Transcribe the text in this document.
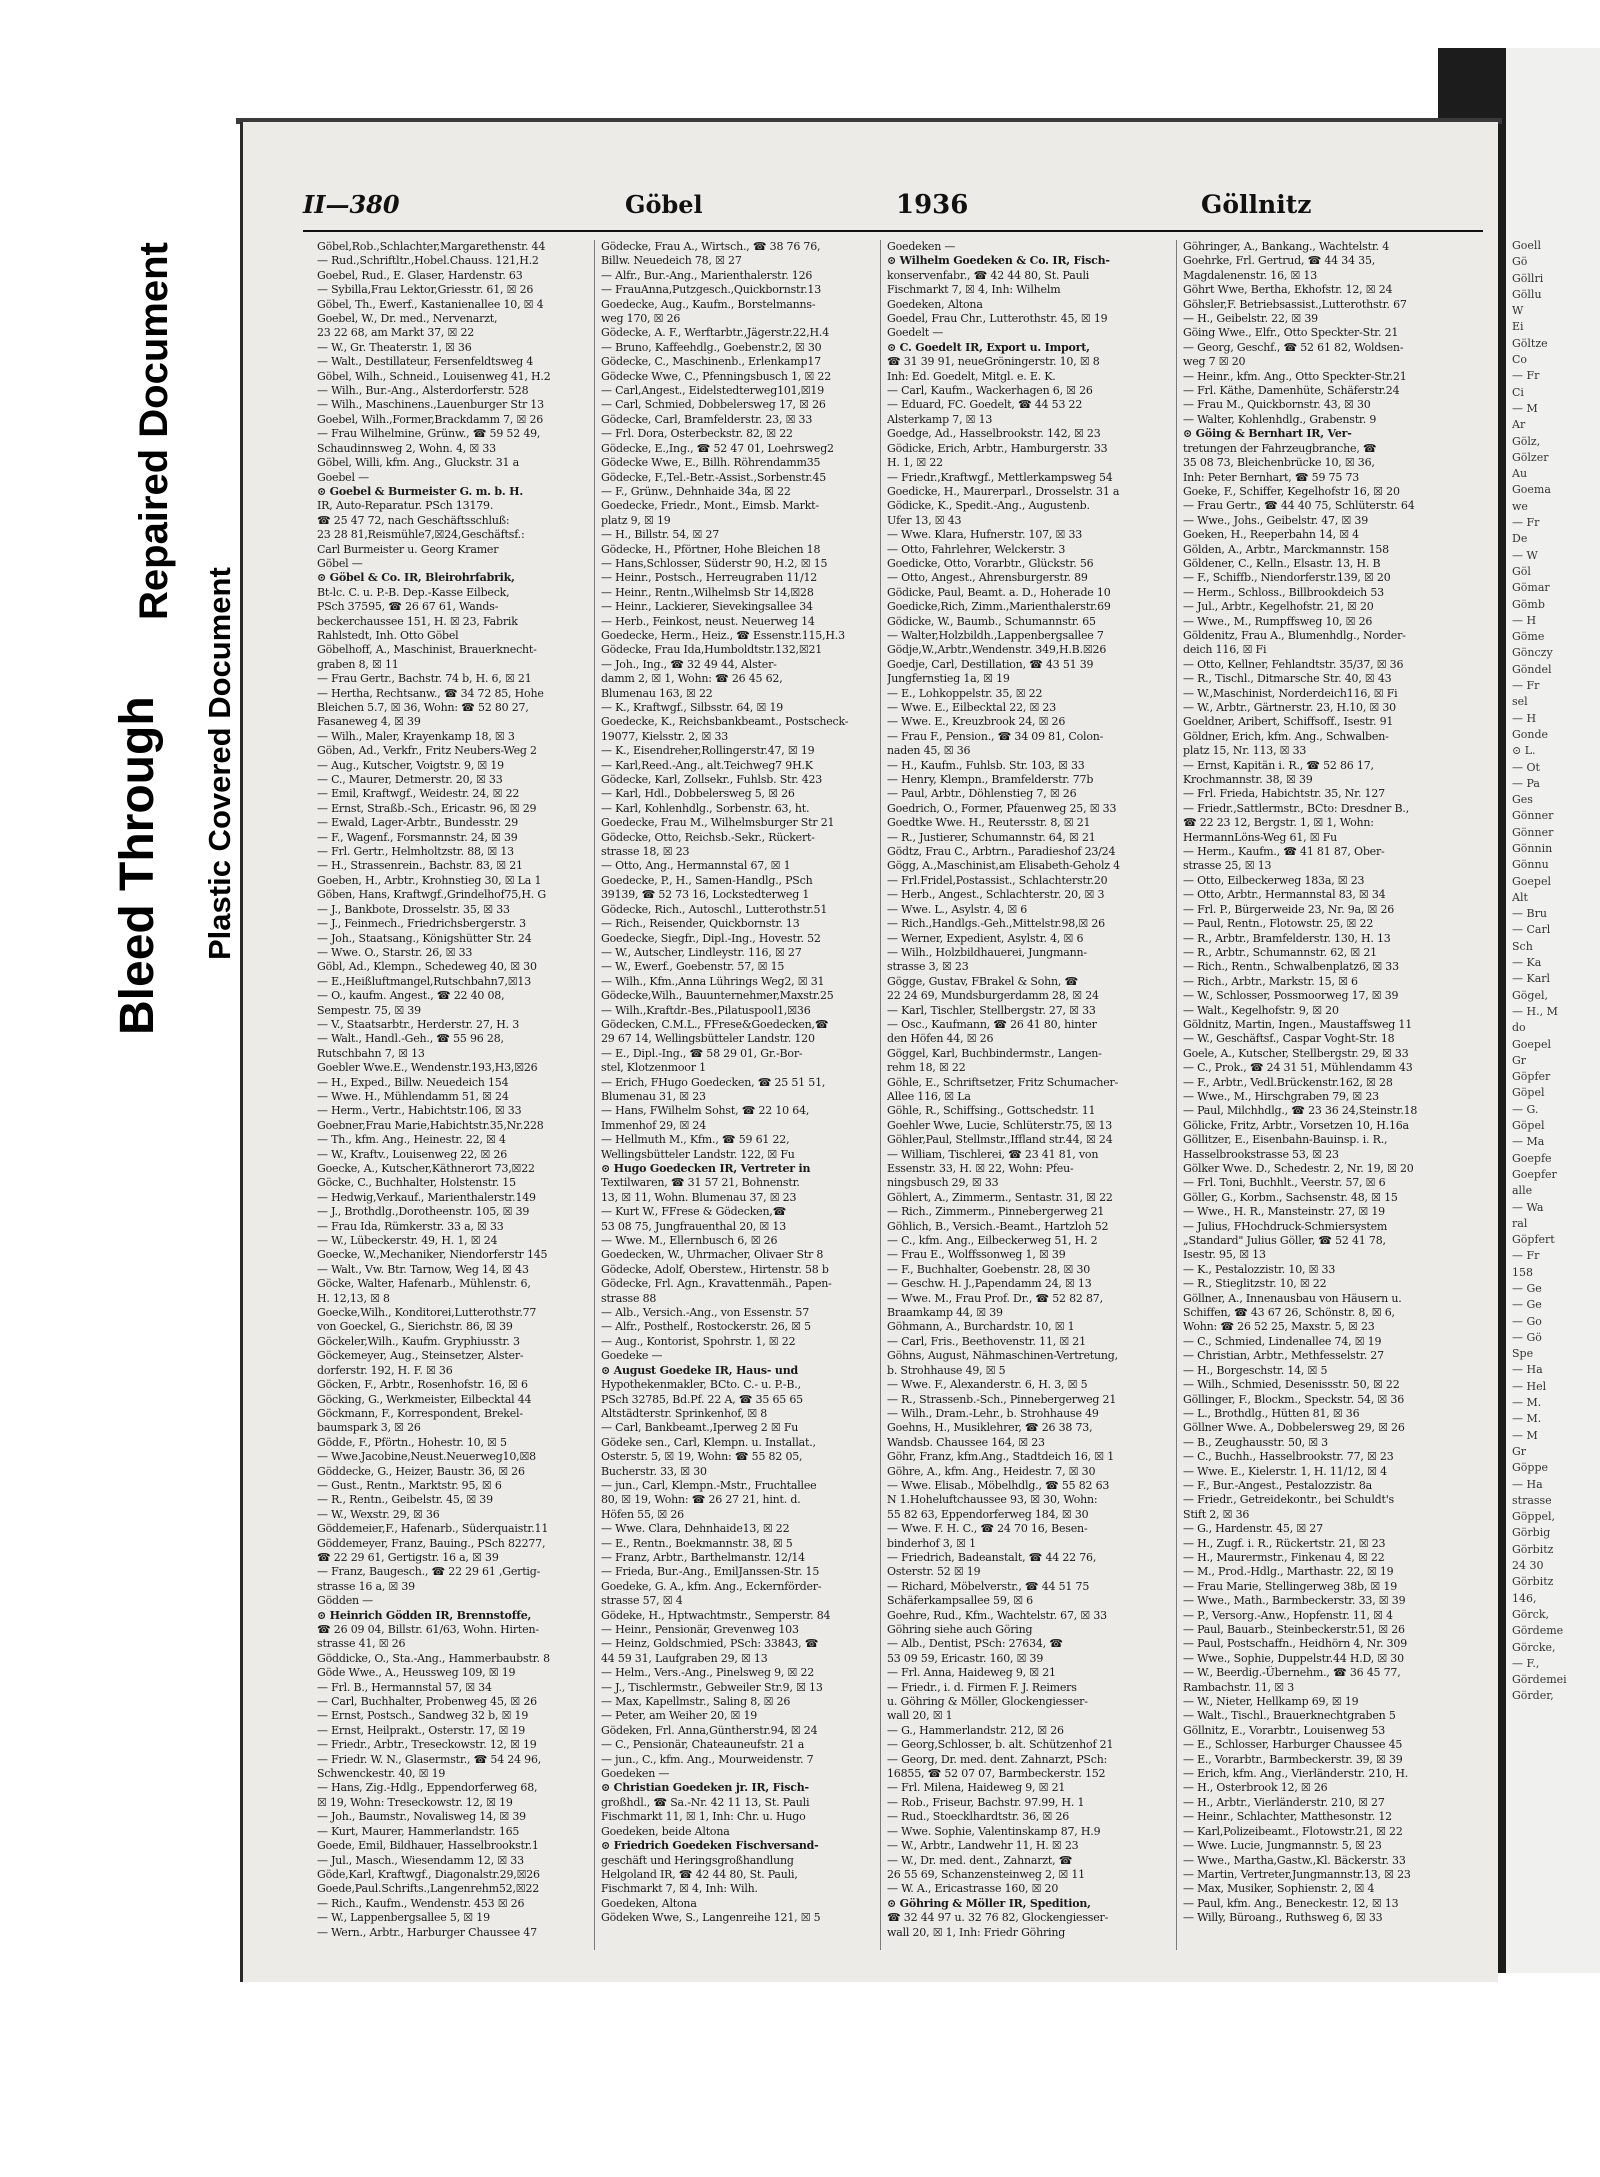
Goell
Gö
Göllri
Göllu
W
Ei
Göltze
Co
— Fr
Ci
— M
Ar
Gölz,
Gölzer
Au
Goema
we
— Fr
De
— W
Göl
Gömar
Gömb
— H
Göme
Gönczy
Göndel
— Fr
sel
— H
Gonde
⊙ L.
— Ot
— Pa
Ges
Gönner
Gönner
Gönnin
Gönnu
Goepel
Alt
— Bru
— Carl
Sch
— Ka
— Karl
Gögel,
— H., M
do
Goepel
Gr
Göpfer
Göpel
— G.
Göpel
— Ma
Goepfe
Goepfer
alle
— Wa
ral
Göpfert
— Fr
158
— Ge
— Ge
— Go
— Gö
Spe
— Ha
— Hel
— M.
— M.
— M
Gr
Göppe
— Ha
strasse
Göppel,
Görbig
Görbitz
24 30
Görbitz
146,
Görck,
Gördeme
Görcke,
— F.,
Gördemei
Görder,
Bleed Through
Repaired Document
Plastic Covered Document
II—380	Göbel	1936	Göllnitz
Göbel,Rob.,Schlachter,Margarethenstr. 44
— Rud.,Schriftltr.,Hobel.Chauss. 121,H.2
Goebel, Rud., E. Glaser, Hardenstr. 63
— Sybilla,Frau Lektor,Griesstr. 61, ☒ 26
Göbel, Th., Ewerf., Kastanienallee 10, ☒ 4
Goebel, W., Dr. med., Nervenarzt,
23 22 68, am Markt 37, ☒ 22
— W., Gr. Theaterstr. 1, ☒ 36
— Walt., Destillateur, Fersenfeldtsweg 4
Göbel, Wilh., Schneid., Louisenweg 41, H.2
— Wilh., Bur.-Ang., Alsterdorferstr. 528
— Wilh., Maschinens.,Lauenburger Str 13
Goebel, Wilh.,Former,Brackdamm 7, ☒ 26
— Frau Wilhelmine, Grünw., ☎ 59 52 49,
Schaudinnsweg 2, Wohn. 4, ☒ 33
Göbel, Willi, kfm. Ang., Gluckstr. 31 a
Goebel —
⊙ Goebel & Burmeister G. m. b. H.
IR, Auto-Reparatur. PSch 13179.
☎ 25 47 72, nach Geschäftsschluß:
23 28 81,Reismühle7,☒24,Geschäftsf.:
Carl Burmeister u. Georg Kramer
Göbel —
⊙ Göbel & Co. IR, Bleirohrfabrik,
Bt-lc. C. u. P.-B. Dep.-Kasse Eilbeck,
PSch 37595, ☎ 26 67 61, Wands-
beckerchaussee 151, H. ☒ 23, Fabrik
Rahlstedt, Inh. Otto Göbel
Göbelhoff, A., Maschinist, Brauerknecht-
graben 8, ☒ 11
— Frau Gertr., Bachstr. 74 b, H. 6, ☒ 21
— Hertha, Rechtsanw., ☎ 34 72 85, Hohe
Bleichen 5.7, ☒ 36, Wohn: ☎ 52 80 27,
Fasaneweg 4, ☒ 39
— Wilh., Maler, Krayenkamp 18, ☒ 3
Göben, Ad., Verkfr., Fritz Neubers-Weg 2
— Aug., Kutscher, Voigtstr. 9, ☒ 19
— C., Maurer, Detmerstr. 20, ☒ 33
— Emil, Kraftwgf., Weidestr. 24, ☒ 22
— Ernst, Straßb.-Sch., Ericastr. 96, ☒ 29
— Ewald, Lager-Arbtr., Bundesstr. 29
— F., Wagenf., Forsmannstr. 24, ☒ 39
— Frl. Gertr., Helmholtzstr. 88, ☒ 13
— H., Strassenrein., Bachstr. 83, ☒ 21
Goeben, H., Arbtr., Krohnstieg 30, ☒ La 1
Göben, Hans, Kraftwgf.,Grindelhof75,H. G
— J., Bankbote, Drosselstr. 35, ☒ 33
— J., Feinmech., Friedrichsbergerstr. 3
— Joh., Staatsang., Königshütter Str. 24
— Wwe. O., Starstr. 26, ☒ 33
Göbl, Ad., Klempn., Schedeweg 40, ☒ 30
— E.,Heißluftmangel,Rutschbahn7,☒13
— O., kaufm. Angest., ☎ 22 40 08,
Sempestr. 75, ☒ 39
— V., Staatsarbtr., Herderstr. 27, H. 3
— Walt., Handl.-Geh., ☎ 55 96 28,
Rutschbahn 7, ☒ 13
Goebler Wwe.E., Wendenstr.193,H3,☒26
— H., Exped., Billw. Neuedeich 154
— Wwe. H., Mühlendamm 51, ☒ 24
— Herm., Vertr., Habichtstr.106, ☒ 33
Goebner,Frau Marie,Habichtstr.35,Nr.228
— Th., kfm. Ang., Heinestr. 22, ☒ 4
— W., Kraftv., Louisenweg 22, ☒ 26
Goecke, A., Kutscher,Käthnerort 73,☒22
Göcke, C., Buchhalter, Holstenstr. 15
— Hedwig,Verkauf., Marienthalerstr.149
— J., Brothdlg.,Dorotheenstr. 105, ☒ 39
— Frau Ida, Rümkerstr. 33 a, ☒ 33
— W., Lübeckerstr. 49, H. 1, ☒ 24
Goecke, W.,Mechaniker, Niendorferstr 145
— Walt., Vw. Btr. Tarnow, Weg 14, ☒ 43
Göcke, Walter, Hafenarb., Mühlenstr. 6,
H. 12,13, ☒ 8
Goecke,Wilh., Konditorei,Lutterothstr.77
von Goeckel, G., Sierichstr. 86, ☒ 39
Göckeler,Wilh., Kaufm. Gryphiusstr. 3
Göckemeyer, Aug., Steinsetzer, Alster-
dorferstr. 192, H. F. ☒ 36
Göcken, F., Arbtr., Rosenhofstr. 16, ☒ 6
Göcking, G., Werkmeister, Eilbecktal 44
Göckmann, F., Korrespondent, Brekel-
baumspark 3, ☒ 26
Gödde, F., Pförtn., Hohestr. 10, ☒ 5
— Wwe.Jacobine,Neust.Neuerweg10,☒8
Göddecke, G., Heizer, Baustr. 36, ☒ 26
— Gust., Rentn., Marktstr. 95, ☒ 6
— R., Rentn., Geibelstr. 45, ☒ 39
— W., Wexstr. 29, ☒ 36
Göddemeier,F., Hafenarb., Süderquaistr.11
Göddemeyer, Franz, Bauing., PSch 82277,
☎ 22 29 61, Gertigstr. 16 a, ☒ 39
— Franz, Baugesch., ☎ 22 29 61 ,Gertig-
strasse 16 a, ☒ 39
Gödden —
⊙ Heinrich Gödden IR, Brennstoffe,
☎ 26 09 04, Billstr. 61/63, Wohn. Hirten-
strasse 41, ☒ 26
Göddicke, O., Sta.-Ang., Hammerbaubstr. 8
Göde Wwe., A., Heussweg 109, ☒ 19
— Frl. B., Hermannstal 57, ☒ 34
— Carl, Buchhalter, Probenweg 45, ☒ 26
— Ernst, Postsch., Sandweg 32 b, ☒ 19
— Ernst, Heilprakt., Osterstr. 17, ☒ 19
— Friedr., Arbtr., Treseckowstr. 12, ☒ 19
— Friedr. W. N., Glasermstr., ☎ 54 24 96,
Schwenckestr. 40, ☒ 19
— Hans, Zig.-Hdlg., Eppendorferweg 68,
☒ 19, Wohn: Treseckowstr. 12, ☒ 19
— Joh., Baumstr., Novalisweg 14, ☒ 39
— Kurt, Maurer, Hammerlandstr. 165
Goede, Emil, Bildhauer, Hasselbrookstr.1
— Jul., Masch., Wiesendamm 12, ☒ 33
Göde,Karl, Kraftwgf., Diagonalstr.29,☒26
Goede,Paul.Schrifts.,Langenrehm52,☒22
— Rich., Kaufm., Wendenstr. 453 ☒ 26
— W., Lappenbergsallee 5, ☒ 19
— Wern., Arbtr., Harburger Chaussee 47
Gödecke, Frau A., Wirtsch., ☎ 38 76 76,
Billw. Neuedeich 78, ☒ 27
— Alfr., Bur.-Ang., Marienthalerstr. 126
— FrauAnna,Putzgesch.,Quickbornstr.13
Goedecke, Aug., Kaufm., Borstelmanns-
weg 170, ☒ 26
Gödecke, A. F., Werftarbtr.,Jägerstr.22,H.4
— Bruno, Kaffeehdlg., Goebenstr.2, ☒ 30
Gödecke, C., Maschinenb., Erlenkamp17
Gödecke Wwe, C., Pfenningsbusch 1, ☒ 22
— Carl,Angest., Eidelstedterweg101,☒19
— Carl, Schmied, Dobbelersweg 17, ☒ 26
Gödecke, Carl, Bramfelderstr. 23, ☒ 33
— Frl. Dora, Osterbeckstr. 82, ☒ 22
Gödecke, E.,Ing., ☎ 52 47 01, Loehrsweg2
Gödecke Wwe, E., Billh. Röhrendamm35
Gödecke, F.,Tel.-Betr.-Assist.,Sorbenstr.45
— F., Grünw., Dehnhaide 34a, ☒ 22
Goedecke, Friedr., Mont., Eimsb. Markt-
platz 9, ☒ 19
— H., Billstr. 54, ☒ 27
Gödecke, H., Pförtner, Hohe Bleichen 18
— Hans,Schlosser, Süderstr 90, H.2, ☒ 15
— Heinr., Postsch., Herreugraben 11/12
— Heinr., Rentn.,Wilhelmsb Str 14,☒28
— Heinr., Lackierer, Sievekingsallee 34
— Herb., Feinkost, neust. Neuerweg 14
Goedecke, Herm., Heiz., ☎ Essenstr.115,H.3
Gödecke, Frau Ida,Humboldtstr.132,☒21
— Joh., Ing., ☎ 32 49 44, Alster-
damm 2, ☒ 1, Wohn: ☎ 26 45 62,
Blumenau 163, ☒ 22
— K., Kraftwgf., Silbsstr. 64, ☒ 19
Goedecke, K., Reichsbankbeamt., Postscheck-
19077, Kielsstr. 2, ☒ 33
— K., Eisendreher,Rollingerstr.47, ☒ 19
— Karl,Reed.-Ang., alt.Teichweg7 9H.K
Gödecke, Karl, Zollsekr., Fuhlsb. Str. 423
— Karl, Hdl., Dobbelersweg 5, ☒ 26
— Karl, Kohlenhdlg., Sorbenstr. 63, ht.
Goedecke, Frau M., Wilhelmsburger Str 21
Gödecke, Otto, Reichsb.-Sekr., Rückert-
strasse 18, ☒ 23
— Otto, Ang., Hermannstal 67, ☒ 1
Goedecke, P., H., Samen-Handlg., PSch
39139, ☎ 52 73 16, Lockstedterweg 1
Gödecke, Rich., Autoschl., Lutterothstr.51
— Rich., Reisender, Quickbornstr. 13
Goedecke, Siegfr., Dipl.-Ing., Hovestr. 52
— W., Autscher, Lindleystr. 116, ☒ 27
— W., Ewerf., Goebenstr. 57, ☒ 15
— Wilh., Kfm.,Anna Lührings Weg2, ☒ 31
Gödecke,Wilh., Bauunternehmer,Maxstr.25
— Wilh.,Kraftdr.-Bes.,Pilatuspool1,☒36
Gödecken, C.M.L., FFrese&Goedecken,☎
29 67 14, Wellingsbütteler Landstr. 120
— E., Dipl.-Ing., ☎ 58 29 01, Gr.-Bor-
stel, Klotzenmoor 1
— Erich, FHugo Goedecken, ☎ 25 51 51,
Blumenau 31, ☒ 23
— Hans, FWilhelm Sohst, ☎ 22 10 64,
Immenhof 29, ☒ 24
— Hellmuth M., Kfm., ☎ 59 61 22,
Wellingsbütteler Landstr. 122, ☒ Fu
⊙ Hugo Goedecken IR, Vertreter in
Textilwaren, ☎ 31 57 21, Bohnenstr.
13, ☒ 11, Wohn. Blumenau 37, ☒ 23
— Kurt W., FFrese & Gödecken,☎
53 08 75, Jungfrauenthal 20, ☒ 13
— Wwe. M., Ellernbusch 6, ☒ 26
Goedecken, W., Uhrmacher, Olivaer Str 8
Gödecke, Adolf, Oberstew., Hirtenstr. 58 b
Gödecke, Frl. Agn., Kravattenmäh., Papen-
strasse 88
— Alb., Versich.-Ang., von Essenstr. 57
— Alfr., Posthelf., Rostockerstr. 26, ☒ 5
— Aug., Kontorist, Spohrstr. 1, ☒ 22
Goedeke —
⊙ August Goedeke IR, Haus- und
Hypothekenmakler, BCto. C.- u. P.-B.,
PSch 32785, Bd.Pf. 22 A, ☎ 35 65 65
Altstädterstr. Sprinkenhof, ☒ 8
— Carl, Bankbeamt.,Iperweg 2 ☒ Fu
Gödeke sen., Carl, Klempn. u. Installat.,
Osterstr. 5, ☒ 19, Wohn: ☎ 55 82 05,
Bucherstr. 33, ☒ 30
— jun., Carl, Klempn.-Mstr., Fruchtallee
80, ☒ 19, Wohn: ☎ 26 27 21, hint. d.
Höfen 55, ☒ 26
— Wwe. Clara, Dehnhaide13, ☒ 22
— E., Rentn., Boekmannstr. 38, ☒ 5
— Franz, Arbtr., Barthelmanstr. 12/14
— Frieda, Bur.-Ang., EmilJanssen-Str. 15
Goedeke, G. A., kfm. Ang., Eckernförder-
strasse 57, ☒ 4
Gödeke, H., Hptwachtmstr., Semperstr. 84
— Heinr., Pensionär, Grevenweg 103
— Heinz, Goldschmied, PSch: 33843, ☎
44 59 31, Laufgraben 29, ☒ 13
— Helm., Vers.-Ang., Pinelsweg 9, ☒ 22
— J., Tischlermstr., Gebweiler Str.9, ☒ 13
— Max, Kapellmstr., Saling 8, ☒ 26
— Peter, am Weiher 20, ☒ 19
Gödeken, Frl. Anna,Güntherstr.94, ☒ 24
— C., Pensionär, Chateauneufstr. 21 a
— jun., C., kfm. Ang., Mourweidenstr. 7
Goedeken —
⊙ Christian Goedeken jr. IR, Fisch-
großhdl., ☎ Sa.-Nr. 42 11 13, St. Pauli
Fischmarkt 11, ☒ 1, Inh: Chr. u. Hugo
Goedeken, beide Altona
⊙ Friedrich Goedeken Fischversand-
geschäft und Heringsgroßhandlung
Helgoland IR, ☎ 42 44 80, St. Pauli,
Fischmarkt 7, ☒ 4, Inh: Wilh.
Goedeken, Altona
Gödeken Wwe, S., Langenreihe 121, ☒ 5
Goedeken —
⊙ Wilhelm Goedeken & Co. IR, Fisch-
konservenfabr., ☎ 42 44 80, St. Pauli
Fischmarkt 7, ☒ 4, Inh: Wilhelm
Goedeken, Altona
Goedel, Frau Chr., Lutterothstr. 45, ☒ 19
Goedelt —
⊙ C. Goedelt IR, Export u. Import,
☎ 31 39 91, neueGröningerstr. 10, ☒ 8
Inh: Ed. Goedelt, Mitgl. e. E. K.
— Carl, Kaufm., Wackerhagen 6, ☒ 26
— Eduard, FC. Goedelt, ☎ 44 53 22
Alsterkamp 7, ☒ 13
Goedge, Ad., Hasselbrookstr. 142, ☒ 23
Gödicke, Erich, Arbtr., Hamburgerstr. 33
H. 1, ☒ 22
— Friedr.,Kraftwgf., Mettlerkampsweg 54
Goedicke, H., Maurerparl., Drosselstr. 31 a
Gödicke, K., Spedit.-Ang., Augustenb.
Ufer 13, ☒ 43
— Wwe. Klara, Hufnerstr. 107, ☒ 33
— Otto, Fahrlehrer, Welckerstr. 3
Goedicke, Otto, Vorarbtr., Glückstr. 56
— Otto, Angest., Ahrensburgerstr. 89
Gödicke, Paul, Beamt. a. D., Hoherade 10
Goedicke,Rich, Zimm.,Marienthalerstr.69
Gödicke, W., Baumb., Schumannstr. 65
— Walter,Holzbildh.,Lappenbergsallee 7
Gödje,W.,Arbtr.,Wendenstr. 349,H.B.☒26
Goedje, Carl, Destillation, ☎ 43 51 39
Jungfernstieg 1a, ☒ 19
— E., Lohkoppelstr. 35, ☒ 22
— Wwe. E., Eilbecktal 22, ☒ 23
— Wwe. E., Kreuzbrook 24, ☒ 26
— Frau F., Pension., ☎ 34 09 81, Colon-
naden 45, ☒ 36
— H., Kaufm., Fuhlsb. Str. 103, ☒ 33
— Henry, Klempn., Bramfelderstr. 77b
— Paul, Arbtr., Döhlenstieg 7, ☒ 26
Goedrich, O., Former, Pfauenweg 25, ☒ 33
Goedtke Wwe. H., Reutersstr. 8, ☒ 21
— R., Justierer, Schumannstr. 64, ☒ 21
Gödtz, Frau C., Arbtrn., Paradieshof 23/24
Gögg, A.,Maschinist,am Elisabeth-Geholz 4
— Frl.Fridel,Postassist., Schlachterstr.20
— Herb., Angest., Schlachterstr. 20, ☒ 3
— Wwe. L., Asylstr. 4, ☒ 6
— Rich.,Handlgs.-Geh.,Mittelstr.98,☒ 26
— Werner, Expedient, Asylstr. 4, ☒ 6
— Wilh., Holzbildhauerei, Jungmann-
strasse 3, ☒ 23
Gögge, Gustav, FBrakel & Sohn, ☎
22 24 69, Mundsburgerdamm 28, ☒ 24
— Karl, Tischler, Stellbergstr. 27, ☒ 33
— Osc., Kaufmann, ☎ 26 41 80, hinter
den Höfen 44, ☒ 26
Göggel, Karl, Buchbindermstr., Langen-
rehm 18, ☒ 22
Göhle, E., Schriftsetzer, Fritz Schumacher-
Allee 116, ☒ La
Göhle, R., Schiffsing., Gottschedstr. 11
Goehler Wwe, Lucie, Schlüterstr.75, ☒ 13
Göhler,Paul, Stellmstr.,Iffland str.44, ☒ 24
— William, Tischlerei, ☎ 23 41 81, von
Essenstr. 33, H. ☒ 22, Wohn: Pfeu-
ningsbusch 29, ☒ 33
Göhlert, A., Zimmerm., Sentastr. 31, ☒ 22
— Rich., Zimmerm., Pinnebergerweg 21
Göhlich, B., Versich.-Beamt., Hartzloh 52
— C., kfm. Ang., Eilbeckerweg 51, H. 2
— Frau E., Wolffssonweg 1, ☒ 39
— F., Buchhalter, Goebenstr. 28, ☒ 30
— Geschw. H. J.,Papendamm 24, ☒ 13
— Wwe. M., Frau Prof. Dr., ☎ 52 82 87,
Braamkamp 44, ☒ 39
Göhmann, A., Burchardstr. 10, ☒ 1
— Carl, Fris., Beethovenstr. 11, ☒ 21
Göhns, August, Nähmaschinen-Vertretung,
b. Strohhause 49, ☒ 5
— Wwe. F., Alexanderstr. 6, H. 3, ☒ 5
— R., Strassenb.-Sch., Pinnebergerweg 21
— Wilh., Dram.-Lehr., b. Strohhause 49
Goehns, H., Musiklehrer, ☎ 26 38 73,
Wandsb. Chaussee 164, ☒ 23
Göhr, Franz, kfm.Ang., Stadtdeich 16, ☒ 1
Göhre, A., kfm. Ang., Heidestr. 7, ☒ 30
— Wwe. Elisab., Möbelhdlg., ☎ 55 82 63
N 1.Hoheluftchaussee 93, ☒ 30, Wohn:
55 82 63, Eppendorferweg 184, ☒ 30
— Wwe. F. H. C., ☎ 24 70 16, Besen-
binderhof 3, ☒ 1
— Friedrich, Badeanstalt, ☎ 44 22 76,
Osterstr. 52 ☒ 19
— Richard, Möbelverstr., ☎ 44 51 75
Schäferkampsallee 59, ☒ 6
Goehre, Rud., Kfm., Wachtelstr. 67, ☒ 33
Göhring siehe auch Göring
— Alb., Dentist, PSch: 27634, ☎
53 09 59, Ericastr. 160, ☒ 39
— Frl. Anna, Haideweg 9, ☒ 21
— Friedr., i. d. Firmen F. J. Reimers
u. Göhring & Möller, Glockengiesser-
wall 20, ☒ 1
— G., Hammerlandstr. 212, ☒ 26
— Georg,Schlosser, b. alt. Schützenhof 21
— Georg, Dr. med. dent. Zahnarzt, PSch:
16855, ☎ 52 07 07, Barmbeckerstr. 152
— Frl. Milena, Haideweg 9, ☒ 21
— Rob., Friseur, Bachstr. 97.99, H. 1
— Rud., Stoecklhardtstr. 36, ☒ 26
— Wwe. Sophie, Valentinskamp 87, H.9
— W., Arbtr., Landwehr 11, H. ☒ 23
— W., Dr. med. dent., Zahnarzt, ☎
26 55 69, Schanzensteinweg 2, ☒ 11
— W. A., Ericastrasse 160, ☒ 20
⊙ Göhring & Möller IR, Spedition,
☎ 32 44 97 u. 32 76 82, Glockengiesser-
wall 20, ☒ 1, Inh: Friedr Göhring
Göhringer, A., Bankang., Wachtelstr. 4
Goehrke, Frl. Gertrud, ☎ 44 34 35,
Magdalenenstr. 16, ☒ 13
Göhrt Wwe, Bertha, Ekhofstr. 12, ☒ 24
Göhsler,F. Betriebsassist.,Lutterothstr. 67
— H., Geibelstr. 22, ☒ 39
Göing Wwe., Elfr., Otto Speckter-Str. 21
— Georg, Geschf., ☎ 52 61 82, Woldsen-
weg 7 ☒ 20
— Heinr., kfm. Ang., Otto Speckter-Str.21
— Frl. Käthe, Damenhüte, Schäferstr.24
— Frau M., Quickbornstr. 43, ☒ 30
— Walter, Kohlenhdlg., Grabenstr. 9
⊙ Göing & Bernhart IR, Ver-
tretungen der Fahrzeugbranche, ☎
35 08 73, Bleichenbrücke 10, ☒ 36,
Inh: Peter Bernhart, ☎ 59 75 73
Goeke, F., Schiffer, Kegelhofstr 16, ☒ 20
— Frau Gertr., ☎ 44 40 75, Schlüterstr. 64
— Wwe., Johs., Geibelstr. 47, ☒ 39
Goeken, H., Reeperbahn 14, ☒ 4
Gölden, A., Arbtr., Marckmannstr. 158
Göldener, C., Kelln., Elsastr. 13, H. B
— F., Schiffb., Niendorferstr.139, ☒ 20
— Herm., Schloss., Billbrookdeich 53
— Jul., Arbtr., Kegelhofstr. 21, ☒ 20
— Wwe., M., Rumpffsweg 10, ☒ 26
Göldenitz, Frau A., Blumenhdlg., Norder-
deich 116, ☒ Fi
— Otto, Kellner, Fehlandtstr. 35/37, ☒ 36
— R., Tischl., Ditmarsche Str. 40, ☒ 43
— W.,Maschinist, Norderdeich116, ☒ Fi
— W., Arbtr., Gärtnerstr. 23, H.10, ☒ 30
Goeldner, Aribert, Schiffsoff., Isestr. 91
Göldner, Erich, kfm. Ang., Schwalben-
platz 15, Nr. 113, ☒ 33
— Ernst, Kapitän i. R., ☎ 52 86 17,
Krochmannstr. 38, ☒ 39
— Frl. Frieda, Habichtstr. 35, Nr. 127
— Friedr.,Sattlermstr., BCto: Dresdner B.,
☎ 22 23 12, Bergstr. 1, ☒ 1, Wohn:
HermannLöns-Weg 61, ☒ Fu
— Herm., Kaufm., ☎ 41 81 87, Ober-
strasse 25, ☒ 13
— Otto, Eilbeckerweg 183a, ☒ 23
— Otto, Arbtr., Hermannstal 83, ☒ 34
— Frl. P., Bürgerweide 23, Nr. 9a, ☒ 26
— Paul, Rentn., Flotowstr. 25, ☒ 22
— R., Arbtr., Bramfelderstr. 130, H. 13
— R., Arbtr., Schumannstr. 62, ☒ 21
— Rich., Rentn., Schwalbenplatz6, ☒ 33
— Rich., Arbtr., Markstr. 15, ☒ 6
— W., Schlosser, Possmoorweg 17, ☒ 39
— Walt., Kegelhofstr. 9, ☒ 20
Göldnitz, Martin, Ingen., Maustaffsweg 11
— W., Geschäftsf., Caspar Voght-Str. 18
Goele, A., Kutscher, Stellbergstr. 29, ☒ 33
— C., Prok., ☎ 24 31 51, Mühlendamm 43
— F., Arbtr., Vedl.Brückenstr.162, ☒ 28
— Wwe., M., Hirschgraben 79, ☒ 23
— Paul, Milchhdlg., ☎ 23 36 24,Steinstr.18
Gölicke, Fritz, Arbtr., Vorsetzen 10, H.16a
Göllitzer, E., Eisenbahn-Bauinsp. i. R.,
Hasselbrookstrasse 53, ☒ 23
Gölker Wwe. D., Schedestr. 2, Nr. 19, ☒ 20
— Frl. Toni, Buchhlt., Veerstr. 57, ☒ 6
Göller, G., Korbm., Sachsenstr. 48, ☒ 15
— Wwe., H. R., Mansteinstr. 27, ☒ 19
— Julius, FHochdruck-Schmiersystem
„Standard" Julius Göller, ☎ 52 41 78,
Isestr. 95, ☒ 13
— K., Pestalozzistr. 10, ☒ 33
— R., Stieglitzstr. 10, ☒ 22
Göllner, A., Innenausbau von Häusern u.
Schiffen, ☎ 43 67 26, Schönstr. 8, ☒ 6,
Wohn: ☎ 26 52 25, Maxstr. 5, ☒ 23
— C., Schmied, Lindenallee 74, ☒ 19
— Christian, Arbtr., Methfesselstr. 27
— H., Borgeschstr. 14, ☒ 5
— Wilh., Schmied, Desenissstr. 50, ☒ 22
Göllinger, F., Blockm., Speckstr. 54, ☒ 36
— L., Brothdlg., Hütten 81, ☒ 36
Göllner Wwe. A., Dobbelersweg 29, ☒ 26
— B., Zeughausstr. 50, ☒ 3
— C., Buchh., Hasselbrookstr. 77, ☒ 23
— Wwe. E., Kielerstr. 1, H. 11/12, ☒ 4
— F., Bur.-Angest., Pestalozzistr. 8a
— Friedr., Getreidekontr., bei Schuldt's
Stift 2, ☒ 36
— G., Hardenstr. 45, ☒ 27
— H., Zugf. i. R., Rückertstr. 21, ☒ 23
— H., Maurermstr., Finkenau 4, ☒ 22
— M., Prod.-Hdlg., Marthastr. 22, ☒ 19
— Frau Marie, Stellingerweg 38b, ☒ 19
— Wwe., Math., Barmbeckerstr. 33, ☒ 39
— P., Versorg.-Anw., Hopfenstr. 11, ☒ 4
— Paul, Bauarb., Steinbeckerstr.51, ☒ 26
— Paul, Postschaffn., Heidhörn 4, Nr. 309
— Wwe., Sophie, Duppelstr.44 H.D, ☒ 30
— W., Beerdig.-Übernehm., ☎ 36 45 77,
Rambachstr. 11, ☒ 3
— W., Nieter, Hellkamp 69, ☒ 19
— Walt., Tischl., Brauerknechtgraben 5
Göllnitz, E., Vorarbtr., Louisenweg 53
— E., Schlosser, Harburger Chaussee 45
— E., Vorarbtr., Barmbeckerstr. 39, ☒ 39
— Erich, kfm. Ang., Vierländerstr. 210, H.
— H., Osterbrook 12, ☒ 26
— H., Arbtr., Vierländerstr. 210, ☒ 27
— Heinr., Schlachter, Matthesonstr. 12
— Karl,Polizeibeamt., Flotowstr.21, ☒ 22
— Wwe. Lucie, Jungmannstr. 5, ☒ 23
— Wwe., Martha,Gastw.,Kl. Bäckerstr. 33
— Martin, Vertreter,Jungmannstr.13, ☒ 23
— Max, Musiker, Sophienstr. 2, ☒ 4
— Paul, kfm. Ang., Beneckestr. 12, ☒ 13
— Willy, Büroang., Ruthsweg 6, ☒ 33
